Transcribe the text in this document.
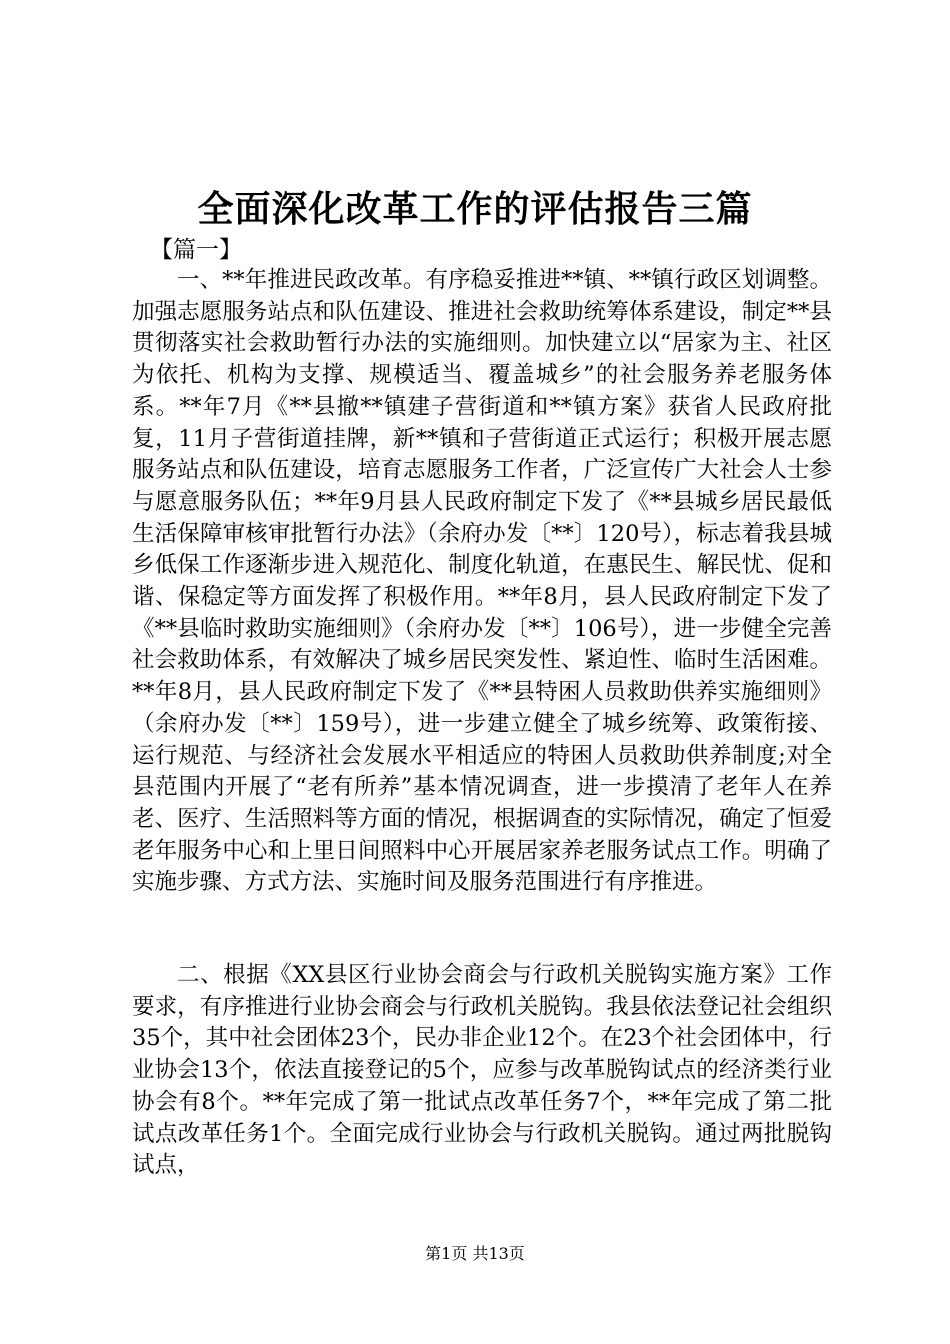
全面深化改革工作的评估报告三篇
【篇一】
一、**年推进民政改革。有序稳妥推进**镇、**镇行政区划调整。加强志愿服务站点和队伍建设、推进社会救助统筹体系建设，制定**县贯彻落实社会救助暂行办法的实施细则。加快建立以“居家为主、社区为依托、机构为支撑、规模适当、覆盖城乡”的社会服务养老服务体系。**年7月《**县撤**镇建子营街道和**镇方案》获省人民政府批复，11月子营街道挂牌，新**镇和子营街道正式运行；积极开展志愿服务站点和队伍建设，培育志愿服务工作者，广泛宣传广大社会人士参与愿意服务队伍；**年9月县人民政府制定下发了《**县城乡居民最低生活保障审核审批暂行办法》（余府办发〔**〕120号），标志着我县城乡低保工作逐渐步进入规范化、制度化轨道，在惠民生、解民忧、促和谐、保稳定等方面发挥了积极作用。**年8月，县人民政府制定下发了《**县临时救助实施细则》（余府办发〔**〕106号），进一步健全完善社会救助体系，有效解决了城乡居民突发性、紧迫性、临时生活困难。**年8月，县人民政府制定下发了《**县特困人员救助供养实施细则》（余府办发〔**〕159号），进一步建立健全了城乡统筹、政策衔接、运行规范、与经济社会发展水平相适应的特困人员救助供养制度;对全县范围内开展了“老有所养”基本情况调查，进一步摸清了老年人在养老、医疗、生活照料等方面的情况，根据调查的实际情况，确定了恒爱老年服务中心和上里日间照料中心开展居家养老服务试点工作。明确了实施步骤、方式方法、实施时间及服务范围进行有序推进。
二、根据《XX县区行业协会商会与行政机关脱钩实施方案》工作要求，有序推进行业协会商会与行政机关脱钩。我县依法登记社会组织35个，其中社会团体23个，民办非企业12个。在23个社会团体中，行业协会13个，依法直接登记的5个，应参与改革脱钩试点的经济类行业协会有8个。**年完成了第一批试点改革任务7个，**年完成了第二批试点改革任务1个。全面完成行业协会与行政机关脱钩。通过两批脱钩试点，
第1页 共13页
